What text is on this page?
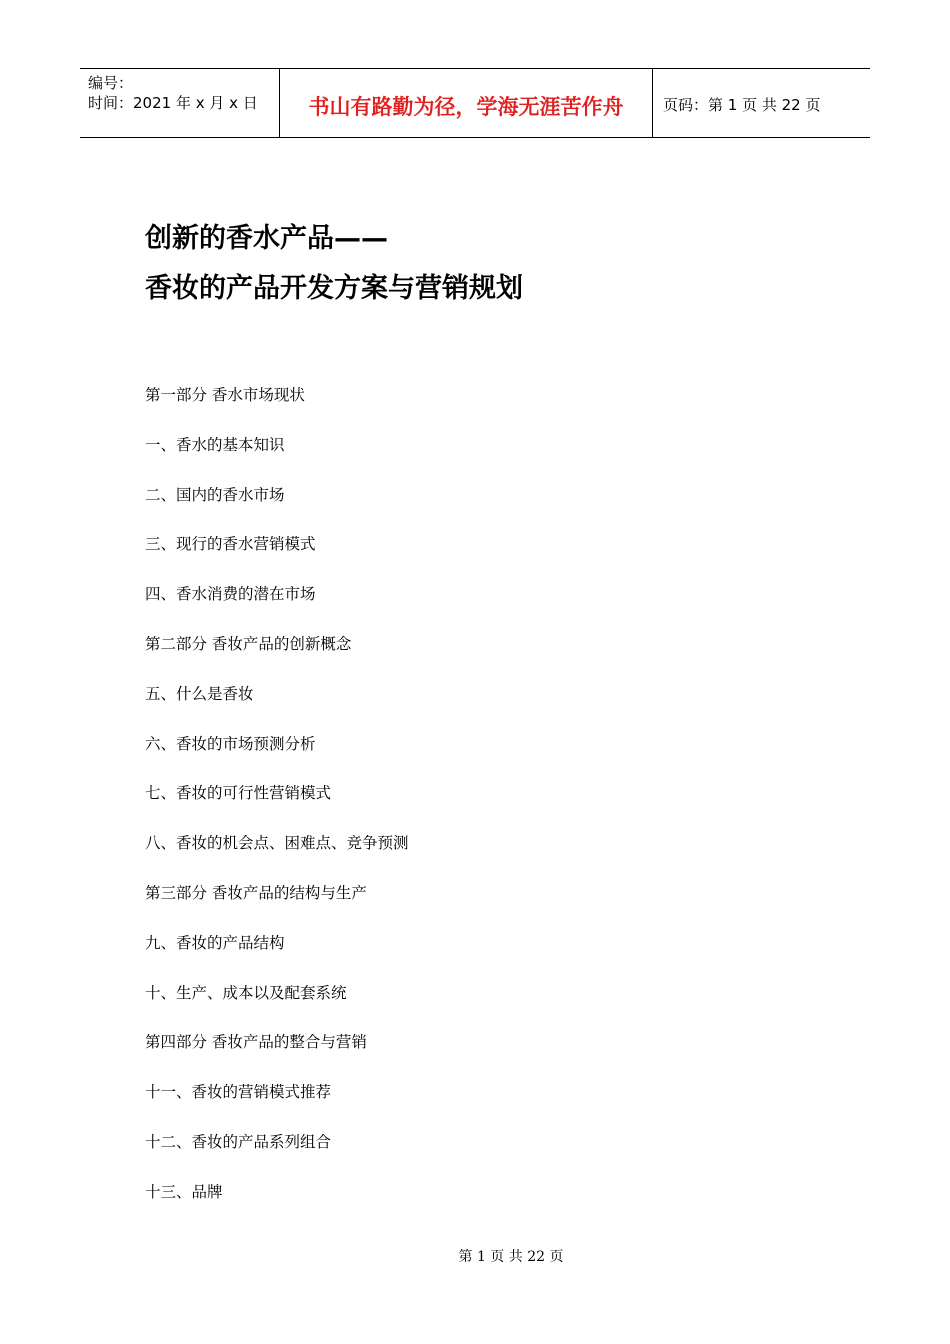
编号：
时间：2021 年 x 月 x 日	书山有路勤为径，学海无涯苦作舟	页码：第 1 页 共 22 页
创新的香水产品——
香妆的产品开发方案与营销规划
第一部分 香水市场现状
一、香水的基本知识
二、国内的香水市场
三、现行的香水营销模式
四、香水消费的潜在市场
第二部分 香妆产品的创新概念
五、什么是香妆
六、香妆的市场预测分析
七、香妆的可行性营销模式
八、香妆的机会点、困难点、竞争预测
第三部分 香妆产品的结构与生产
九、香妆的产品结构
十、生产、成本以及配套系统
第四部分 香妆产品的整合与营销
十一、香妆的营销模式推荐
十二、香妆的产品系列组合
十三、品牌
第 1 页 共 22 页
